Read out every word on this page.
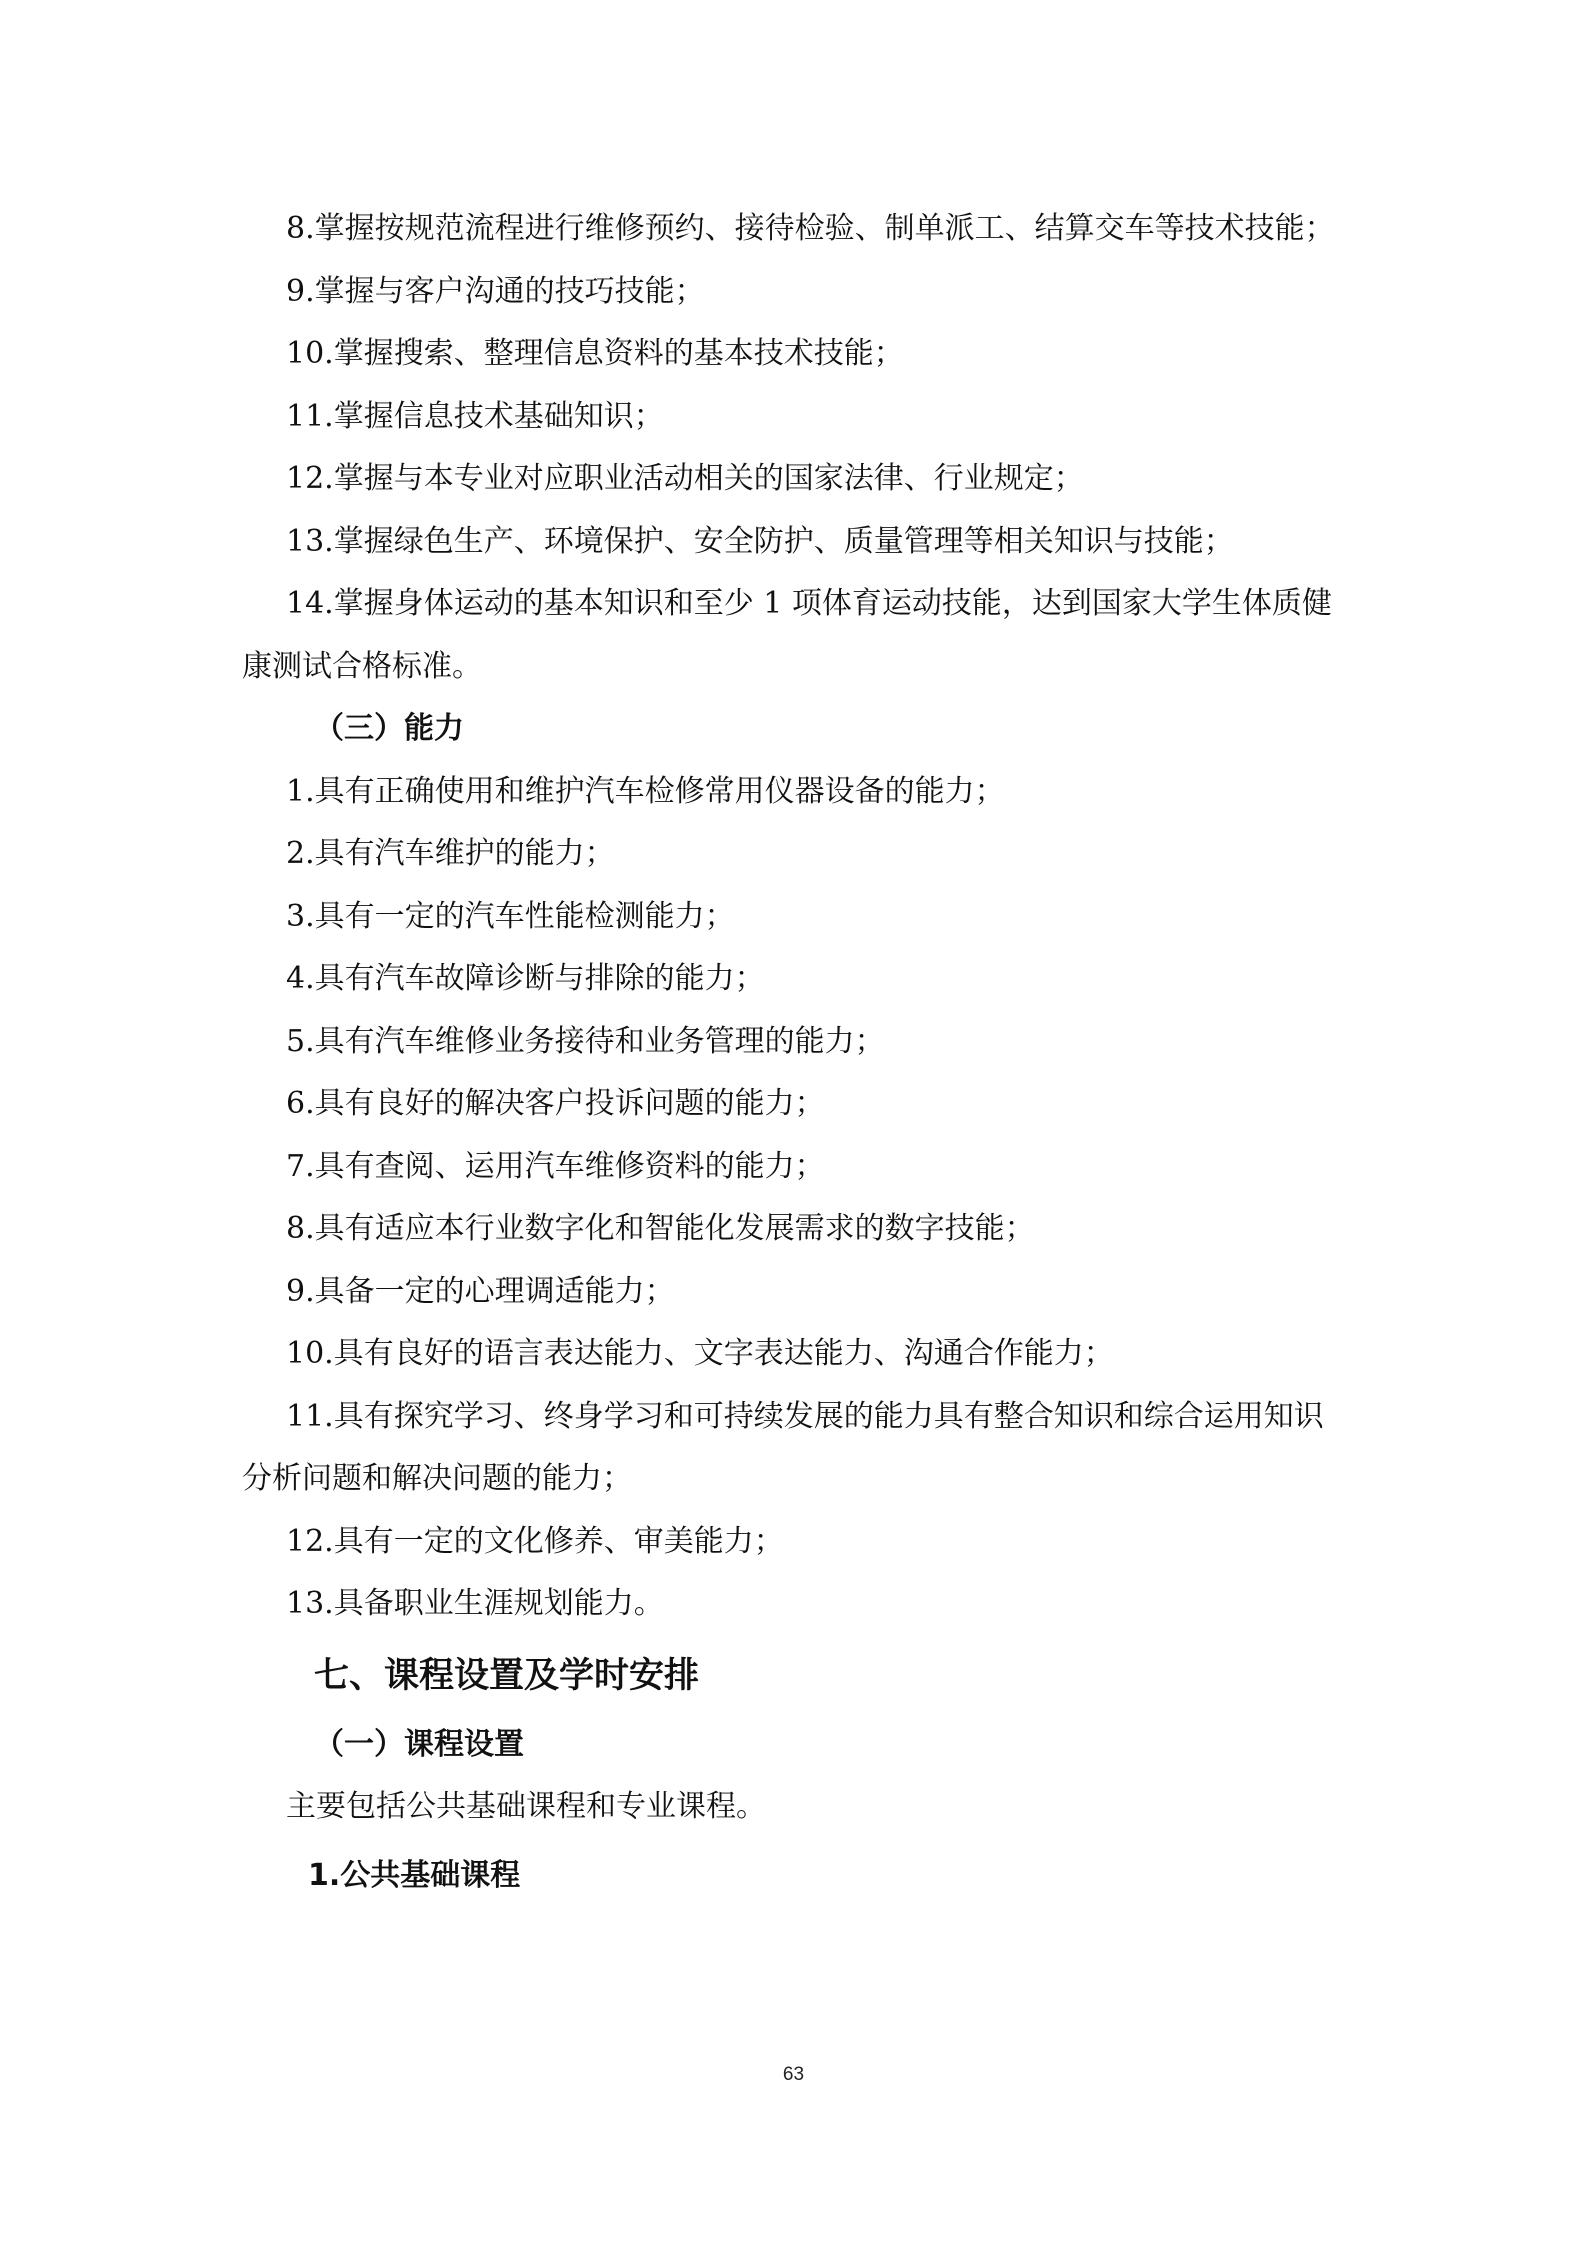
8.掌握按规范流程进行维修预约、接待检验、制单派工、结算交车等技术技能；

9.掌握与客户沟通的技巧技能；

10.掌握搜索、整理信息资料的基本技术技能；

11.掌握信息技术基础知识；

12.掌握与本专业对应职业活动相关的国家法律、行业规定；

13.掌握绿色生产、环境保护、安全防护、质量管理等相关知识与技能；

14.掌握身体运动的基本知识和至少 1 项体育运动技能，达到国家大学生体质健康测试合格标准。

（三）能力

1.具有正确使用和维护汽车检修常用仪器设备的能力；

2.具有汽车维护的能力；

3.具有一定的汽车性能检测能力；

4.具有汽车故障诊断与排除的能力；

5.具有汽车维修业务接待和业务管理的能力；

6.具有良好的解决客户投诉问题的能力；

7.具有查阅、运用汽车维修资料的能力；

8.具有适应本行业数字化和智能化发展需求的数字技能；

9.具备一定的心理调适能力；

10.具有良好的语言表达能力、文字表达能力、沟通合作能力；

11.具有探究学习、终身学习和可持续发展的能力具有整合知识和综合运用知识分析问题和解决问题的能力；

12.具有一定的文化修养、审美能力；

13.具备职业生涯规划能力。

七、课程设置及学时安排
（一）课程设置

主要包括公共基础课程和专业课程。

1.公共基础课程
63
